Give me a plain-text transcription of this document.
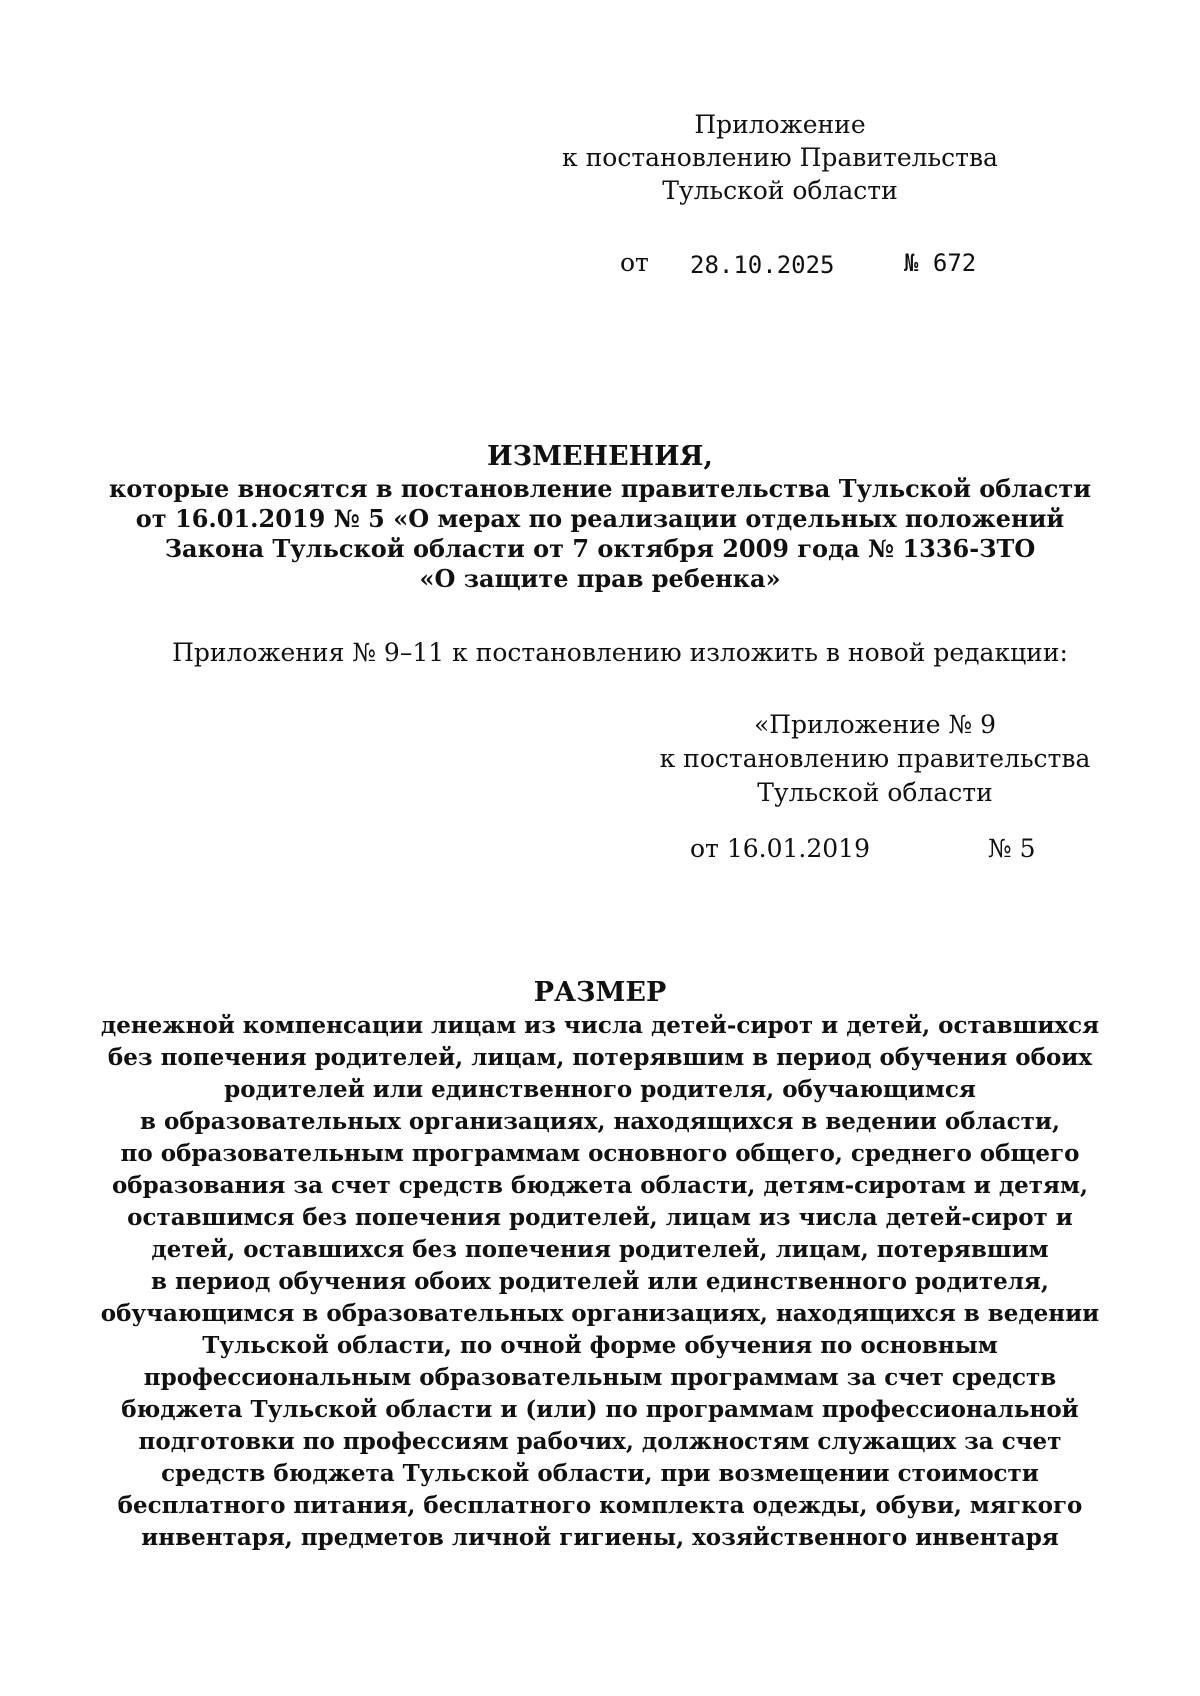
Приложение
к постановлению Правительства
Тульской области
от 28.10.2025	№ 672
ИЗМЕНЕНИЯ,
которые вносятся в постановление правительства Тульской области
от 16.01.2019 № 5 «О мерах по реализации отдельных положений
Закона Тульской области от 7 октября 2009 года № 1336-ЗТО
«О защите прав ребенка»
Приложения № 9–11 к постановлению изложить в новой редакции:
«Приложение № 9
к постановлению правительства
Тульской области
от 16.01.2019	№ 5
РАЗМЕР
денежной компенсации лицам из числа детей-сирот и детей, оставшихся
без попечения родителей, лицам, потерявшим в период обучения обоих
родителей или единственного родителя, обучающимся
в образовательных организациях, находящихся в ведении области,
по образовательным программам основного общего, среднего общего
образования за счет средств бюджета области, детям-сиротам и детям,
оставшимся без попечения родителей, лицам из числа детей-сирот и
детей, оставшихся без попечения родителей, лицам, потерявшим
в период обучения обоих родителей или единственного родителя,
обучающимся в образовательных организациях, находящихся в ведении
Тульской области, по очной форме обучения по основным
профессиональным образовательным программам за счет средств
бюджета Тульской области и (или) по программам профессиональной
подготовки по профессиям рабочих, должностям служащих за счет
средств бюджета Тульской области, при возмещении стоимости
бесплатного питания, бесплатного комплекта одежды, обуви, мягкого
инвентаря, предметов личной гигиены, хозяйственного инвентаря
